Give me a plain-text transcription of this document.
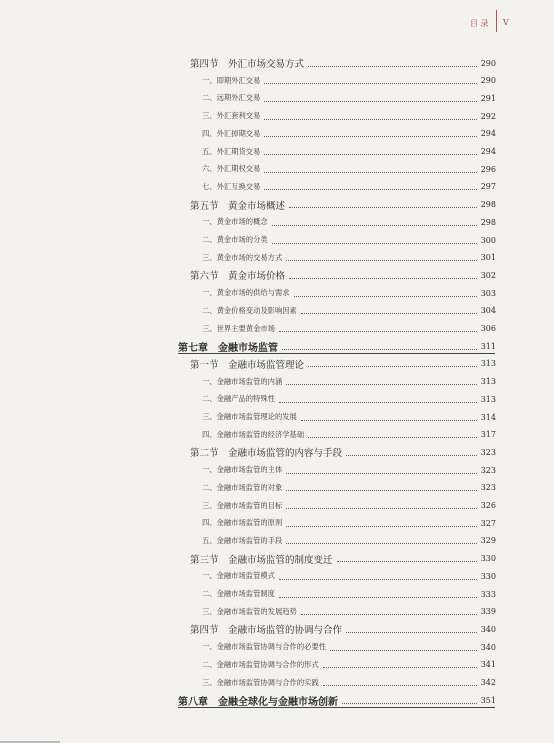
目 录 V
第四节　外汇市场交易方式	290
一、即期外汇交易	290
二、远期外汇交易	291
三、外汇套利交易	292
四、外汇掉期交易	294
五、外汇期货交易	294
六、外汇期权交易	296
七、外汇互换交易	297
第五节　黄金市场概述	298
一、黄金市场的概念	298
二、黄金市场的分类	300
三、黄金市场的交易方式	301
第六节　黄金市场价格	302
一、黄金市场的供给与需求	303
二、黄金价格变动及影响因素	304
三、世界主要黄金市场	306
第七章　金融市场监管	311
第一节　金融市场监管理论	313
一、金融市场监管的内涵	313
二、金融产品的特殊性	313
三、金融市场监管理论的发展	314
四、金融市场监管的经济学基础	317
第二节　金融市场监管的内容与手段	323
一、金融市场监管的主体	323
二、金融市场监管的对象	323
三、金融市场监管的目标	326
四、金融市场监管的原则	327
五、金融市场监管的手段	329
第三节　金融市场监管的制度变迁	330
一、金融市场监管模式	330
二、金融市场监管制度	333
三、金融市场监管的发展趋势	339
第四节　金融市场监管的协调与合作	340
一、金融市场监管协调与合作的必要性	340
二、金融市场监管协调与合作的形式	341
三、金融市场监管协调与合作的实践	342
第八章　金融全球化与金融市场创新	351
